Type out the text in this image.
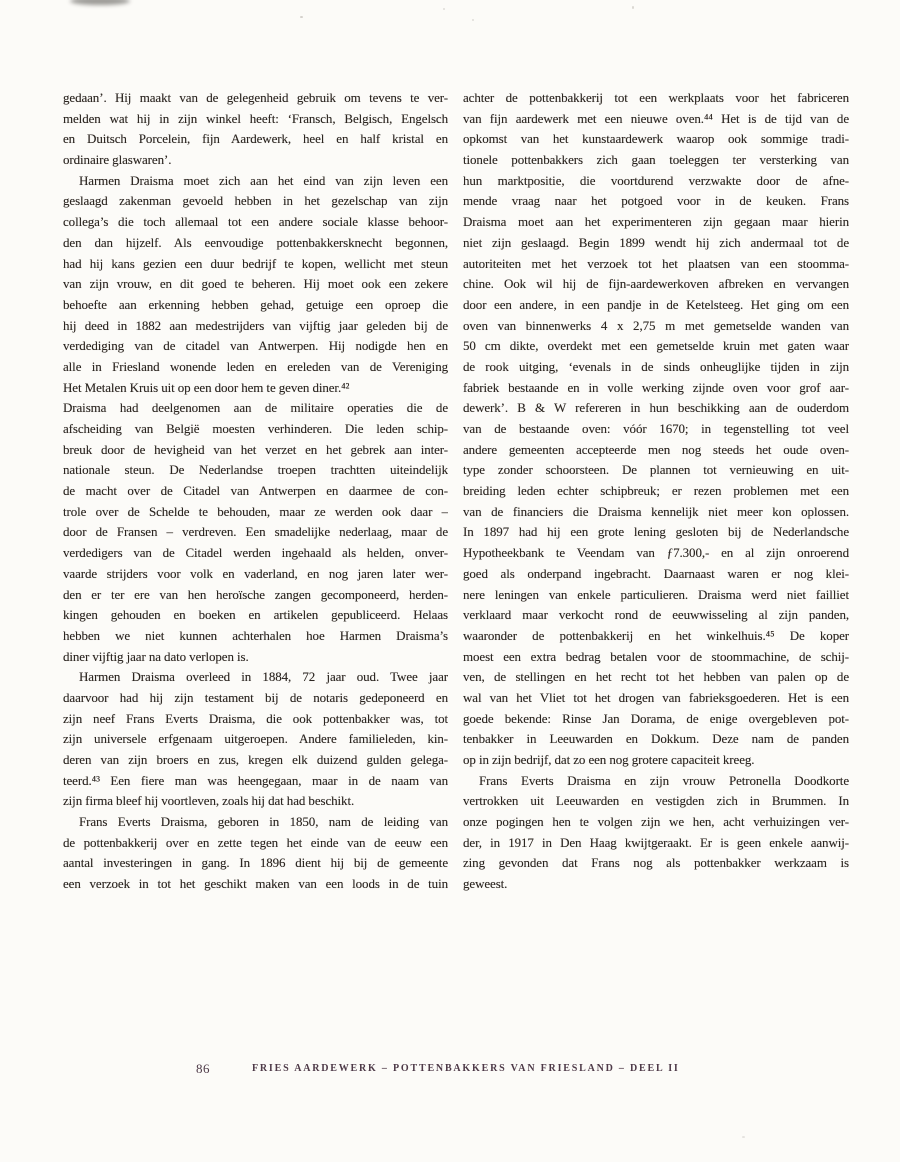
gedaan’. Hij maakt van de gelegenheid gebruik om tevens te ver-
melden wat hij in zijn winkel heeft: ‘Fransch, Belgisch, Engelsch
en Duitsch Porcelein, fijn Aardewerk, heel en half kristal en
ordinaire glaswaren’.
Harmen Draisma moet zich aan het eind van zijn leven een
geslaagd zakenman gevoeld hebben in het gezelschap van zijn
collega’s die toch allemaal tot een andere sociale klasse behoor-
den dan hijzelf. Als eenvoudige pottenbakkersknecht begonnen,
had hij kans gezien een duur bedrijf te kopen, wellicht met steun
van zijn vrouw, en dit goed te beheren. Hij moet ook een zekere
behoefte aan erkenning hebben gehad, getuige een oproep die
hij deed in 1882 aan medestrijders van vijftig jaar geleden bij de
verdediging van de citadel van Antwerpen. Hij nodigde hen en
alle in Friesland wonende leden en ereleden van de Vereniging
Het Metalen Kruis uit op een door hem te geven diner.⁴²
Draisma had deelgenomen aan de militaire operaties die de
afscheiding van België moesten verhinderen. Die leden schip-
breuk door de hevigheid van het verzet en het gebrek aan inter-
nationale steun. De Nederlandse troepen trachtten uiteindelijk
de macht over de Citadel van Antwerpen en daarmee de con-
trole over de Schelde te behouden, maar ze werden ook daar –
door de Fransen – verdreven. Een smadelijke nederlaag, maar de
verdedigers van de Citadel werden ingehaald als helden, onver-
vaarde strijders voor volk en vaderland, en nog jaren later wer-
den er ter ere van hen heroïsche zangen gecomponeerd, herden-
kingen gehouden en boeken en artikelen gepubliceerd. Helaas
hebben we niet kunnen achterhalen hoe Harmen Draisma’s
diner vijftig jaar na dato verlopen is.
Harmen Draisma overleed in 1884, 72 jaar oud. Twee jaar
daarvoor had hij zijn testament bij de notaris gedeponeerd en
zijn neef Frans Everts Draisma, die ook pottenbakker was, tot
zijn universele erfgenaam uitgeroepen. Andere familieleden, kin-
deren van zijn broers en zus, kregen elk duizend gulden gelega-
teerd.⁴³ Een fiere man was heengegaan, maar in de naam van
zijn firma bleef hij voortleven, zoals hij dat had beschikt.
Frans Everts Draisma, geboren in 1850, nam de leiding van
de pottenbakkerij over en zette tegen het einde van de eeuw een
aantal investeringen in gang. In 1896 dient hij bij de gemeente
een verzoek in tot het geschikt maken van een loods in de tuin
achter de pottenbakkerij tot een werkplaats voor het fabriceren
van fijn aardewerk met een nieuwe oven.⁴⁴ Het is de tijd van de
opkomst van het kunstaardewerk waarop ook sommige tradi-
tionele pottenbakkers zich gaan toeleggen ter versterking van
hun marktpositie, die voortdurend verzwakte door de afne-
mende vraag naar het potgoed voor in de keuken. Frans
Draisma moet aan het experimenteren zijn gegaan maar hierin
niet zijn geslaagd. Begin 1899 wendt hij zich andermaal tot de
autoriteiten met het verzoek tot het plaatsen van een stoomma-
chine. Ook wil hij de fijn-aardewerkoven afbreken en vervangen
door een andere, in een pandje in de Ketelsteeg. Het ging om een
oven van binnenwerks 4 x 2,75 m met gemetselde wanden van
50 cm dikte, overdekt met een gemetselde kruin met gaten waar
de rook uitging, ‘evenals in de sinds onheuglijke tijden in zijn
fabriek bestaande en in volle werking zijnde oven voor grof aar-
dewerk’. B & W refereren in hun beschikking aan de ouderdom
van de bestaande oven: vóór 1670; in tegenstelling tot veel
andere gemeenten accepteerde men nog steeds het oude oven-
type zonder schoorsteen. De plannen tot vernieuwing en uit-
breiding leden echter schipbreuk; er rezen problemen met een
van de financiers die Draisma kennelijk niet meer kon oplossen.
In 1897 had hij een grote lening gesloten bij de Nederlandsche
Hypotheekbank te Veendam van ƒ7.300,- en al zijn onroerend
goed als onderpand ingebracht. Daarnaast waren er nog klei-
nere leningen van enkele particulieren. Draisma werd niet failliet
verklaard maar verkocht rond de eeuwwisseling al zijn panden,
waaronder de pottenbakkerij en het winkelhuis.⁴⁵ De koper
moest een extra bedrag betalen voor de stoommachine, de schij-
ven, de stellingen en het recht tot het hebben van palen op de
wal van het Vliet tot het drogen van fabrieksgoederen. Het is een
goede bekende: Rinse Jan Dorama, de enige overgebleven pot-
tenbakker in Leeuwarden en Dokkum. Deze nam de panden
op in zijn bedrijf, dat zo een nog grotere capaciteit kreeg.
Frans Everts Draisma en zijn vrouw Petronella Doodkorte
vertrokken uit Leeuwarden en vestigden zich in Brummen. In
onze pogingen hen te volgen zijn we hen, acht verhuizingen ver-
der, in 1917 in Den Haag kwijtgeraakt. Er is geen enkele aanwij-
zing gevonden dat Frans nog als pottenbakker werkzaam is
geweest.
86	FRIES AARDEWERK – POTTENBAKKERS VAN FRIESLAND – DEEL II
